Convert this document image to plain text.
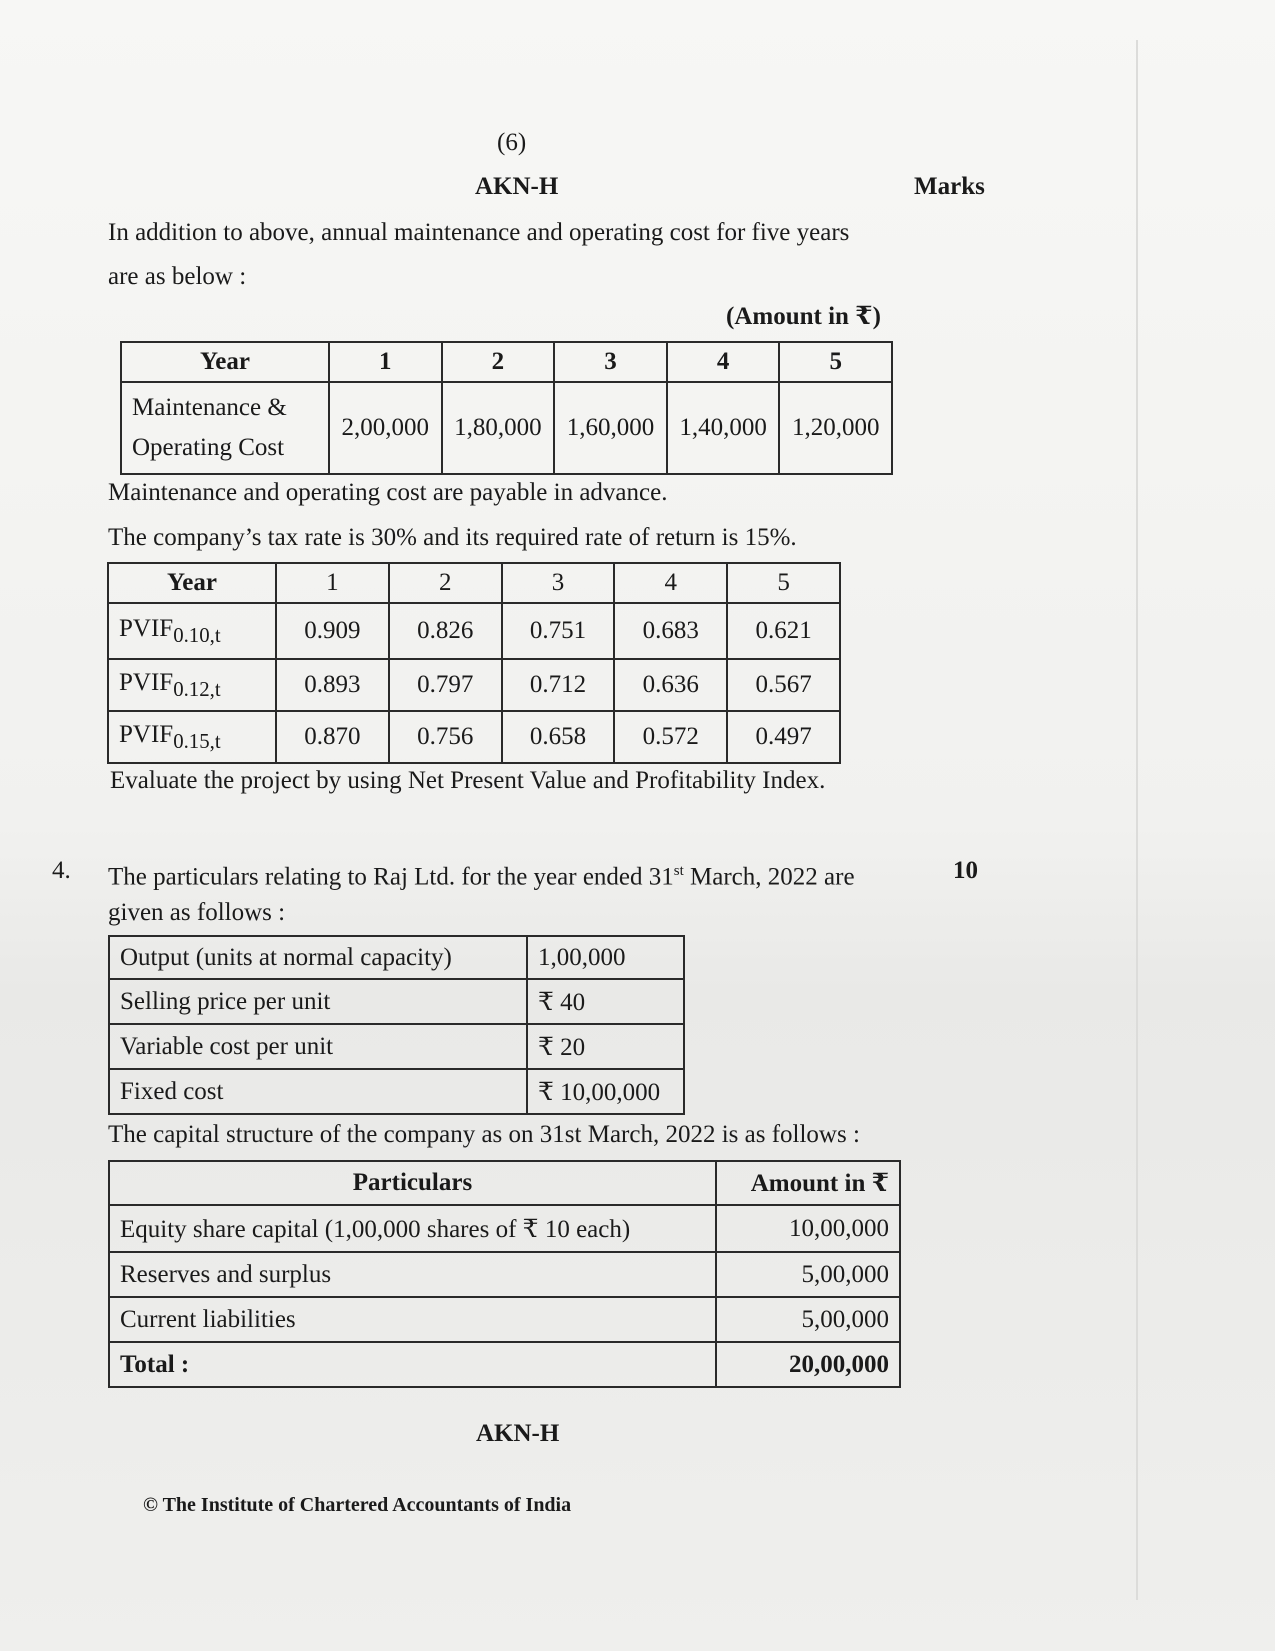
(6)
AKN-H	Marks
In addition to above, annual maintenance and operating cost for five years
are as below :
(Amount in ₹)
Year	1	2	3	4	5

Maintenance &
Operating Cost	2,00,000	1,80,000	1,60,000	1,40,000	1,20,000
Maintenance and operating cost are payable in advance.
The company’s tax rate is 30% and its required rate of return is 15%.
Year	1	2	3	4	5
$PVIF_{0.10,t}$	0.909	0.826	0.751	0.683	0.621
$PVIF_{0.12,t}$	0.893	0.797	0.712	0.636	0.567
$PVIF_{0.15,t}$	0.870	0.756	0.658	0.572	0.497
Evaluate the project by using Net Present Value and Profitability Index.
4. The particulars relating to Raj Ltd. for the year ended 31st March, 2022 are	10
given as follows :
Output (units at normal capacity)	1,00,000
Selling price per unit	₹ 40
Variable cost per unit	₹ 20
Fixed cost	₹ 10,00,000
The capital structure of the company as on 31st March, 2022 is as follows :
Particulars	Amount in ₹
Equity share capital (1,00,000 shares of ₹ 10 each)	10,00,000
Reserves and surplus	5,00,000
Current liabilities	5,00,000
Total :	20,00,000
AKN-H
© The Institute of Chartered Accountants of India
